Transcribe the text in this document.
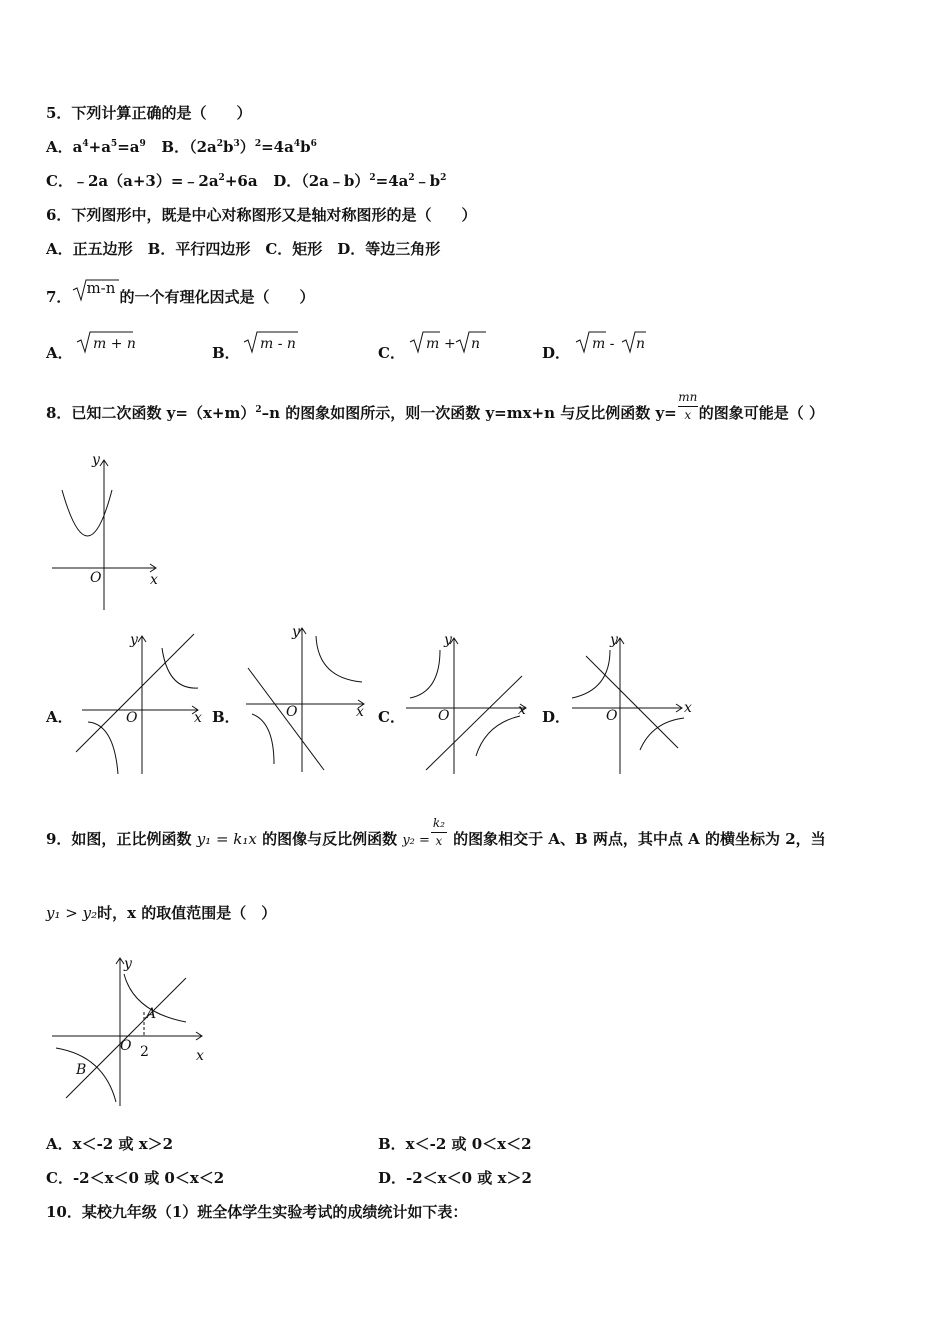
5．下列计算正确的是（　　）
A．$a^4+a^5=a^9$ B．$(2a^2b^3)^2=4a^4b^6$
C．$﹣2a(a+3)=﹣2a^2+6a$ D．$(2a﹣b)^2=4a^2﹣b^2$
6．下列图形中，既是中心对称图形又是轴对称图形的是（　　）
A．正五边形　B．平行四边形　C．矩形　D．等边三角形
7． m-n 的一个有理化因式是（　　）
A． m + n	B． m - n	C． m + n	D． m - n
8．已知二次函数 $y=(x+m)^2-n$ 的图象如图所示，则一次函数 y=mx+n 与反比例函数 $y= \frac{mn}{x}$ 的图象可能是（ ）
y
x
O
A．
y
x
O	B．
y
x
O	C．
y
x
O	D．
y
x
O
9．如图，正比例函数 y₁ = k₁x 的图像与反比例函数 $y_2 = \frac{\text{k₂}}{x}$ 的图象相交于 A、B 两点，其中点 A 的横坐标为 2，当
y₁ > y₂时，x 的取值范围是（　）
A
B
O 2	x
y
A．x＜-2 或 x＞2	B．x＜-2 或 0＜x＜2
C．-2＜x＜0 或 0＜x＜2	D．-2＜x＜0 或 x＞2
10．某校九年级（1）班全体学生实验考试的成绩统计如下表：
